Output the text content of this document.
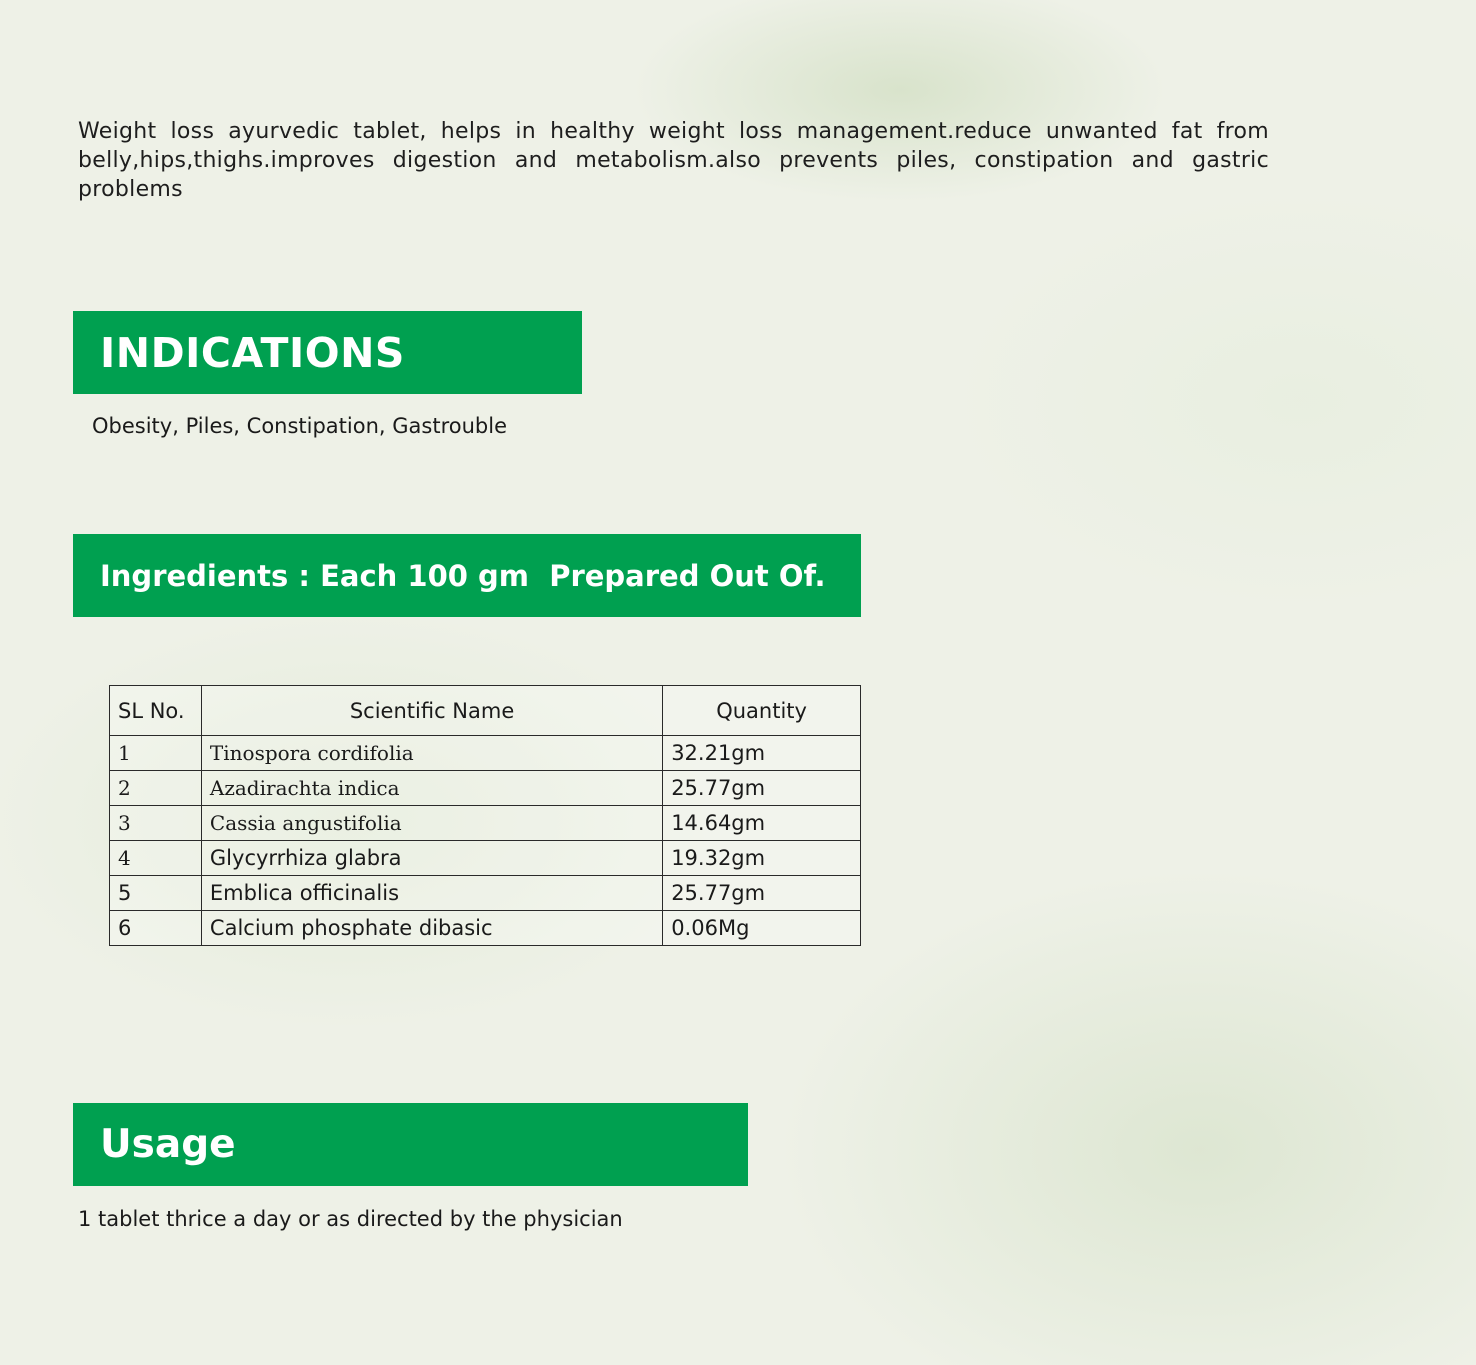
Weight loss ayurvedic tablet, helps in healthy weight loss management.reduce unwanted fat from belly,hips,thighs.improves digestion and metabolism.also prevents piles, constipation and gastric problems

INDICATIONS
Obesity, Piles, Constipation, Gastrouble
Ingredients : Each 100 gm  Prepared Out Of.
SL No.	Scientific Name	Quantity
1	Tinospora cordifolia	32.21gm
2	Azadirachta indica	25.77gm
3	Cassia angustifolia	14.64gm
4	Glycyrrhiza glabra	19.32gm
5	Emblica officinalis	25.77gm
6	Calcium phosphate dibasic	0.06Mg
Usage
1 tablet thrice a day or as directed by the physician
